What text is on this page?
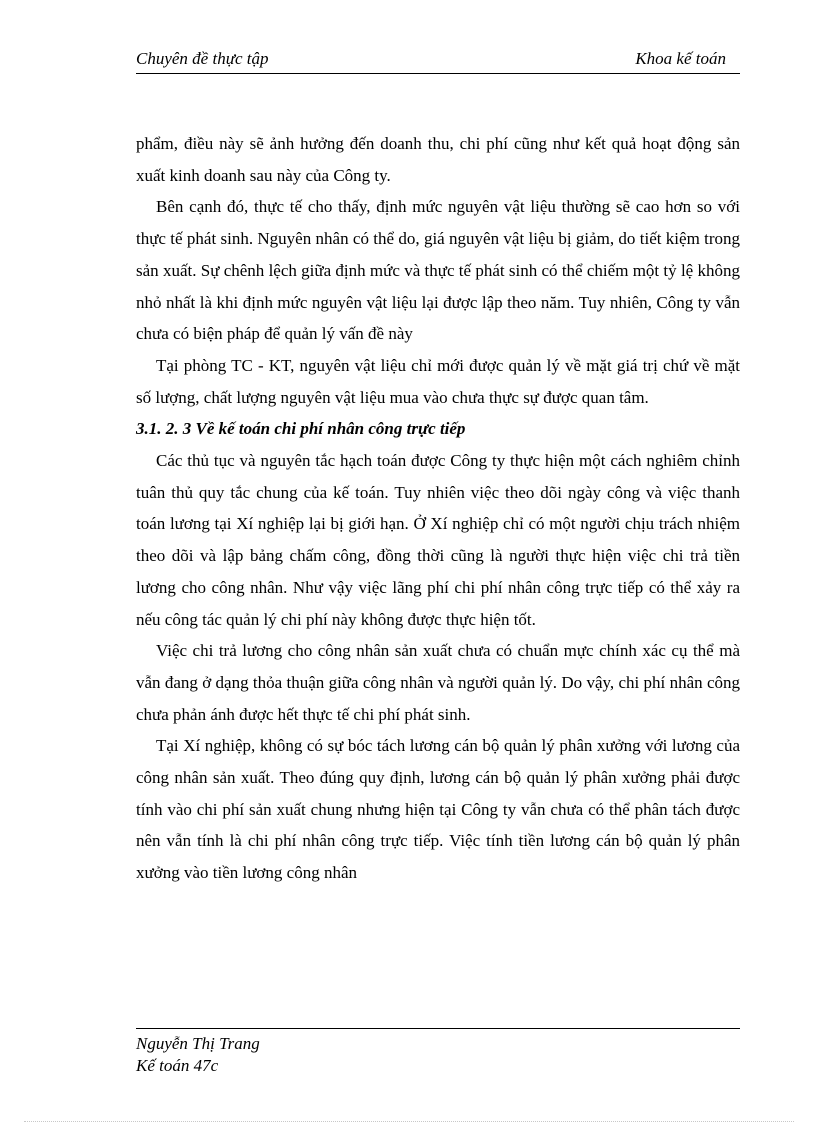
Chuyên đề thực tập	Khoa kế toán

phẩm, điều này sẽ ảnh hưởng đến doanh thu, chi phí cũng như kết quả hoạt động sản xuất kinh doanh sau này của Công ty.

Bên cạnh đó, thực tế cho thấy, định mức nguyên vật liệu thường sẽ cao hơn so với thực tế phát sinh. Nguyên nhân có thể do, giá nguyên vật liệu bị giảm, do tiết kiệm trong sản xuất. Sự chênh lệch giữa định mức và thực tế phát sinh có thể chiếm một tỷ lệ không nhỏ nhất là khi định mức nguyên vật liệu lại được lập theo năm. Tuy nhiên, Công ty vẫn chưa có biện pháp để quản lý vấn đề này

Tại phòng TC - KT, nguyên vật liệu chỉ mới được quản lý về mặt giá trị chứ về mặt số lượng, chất lượng nguyên vật liệu mua vào chưa thực sự được quan tâm.

3.1. 2. 3 Về kế toán chi phí nhân công trực tiếp

Các thủ tục và nguyên tắc hạch toán được Công ty thực hiện một cách nghiêm chỉnh tuân thủ quy tắc chung của kế toán. Tuy nhiên việc theo dõi ngày công và việc thanh toán lương tại Xí nghiệp lại bị giới hạn. Ở Xí nghiệp chỉ có một người chịu trách nhiệm theo dõi và lập bảng chấm công, đồng thời cũng là người thực hiện việc chi trả tiền lương cho công nhân. Như vậy việc lãng phí chi phí nhân công trực tiếp có thể xảy ra nếu công tác quản lý chi phí này không được thực hiện tốt.

Việc chi trả lương cho công nhân sản xuất chưa có chuẩn mực chính xác cụ thể mà vẫn đang ở dạng thỏa thuận giữa công nhân và người quản lý. Do vậy, chi phí nhân công chưa phản ánh được hết thực tế chi phí phát sinh.

Tại Xí nghiệp, không có sự bóc tách lương cán bộ quản lý phân xưởng với lương của công nhân sản xuất. Theo đúng quy định, lương cán bộ quản lý phân xưởng phải được tính vào chi phí sản xuất chung nhưng hiện tại Công ty vẫn chưa có thể phân tách được nên vẫn tính là chi phí nhân công trực tiếp. Việc tính tiền lương cán bộ quản lý phân xưởng vào tiền lương công nhân

Nguyễn Thị Trang
Kế toán 47c
